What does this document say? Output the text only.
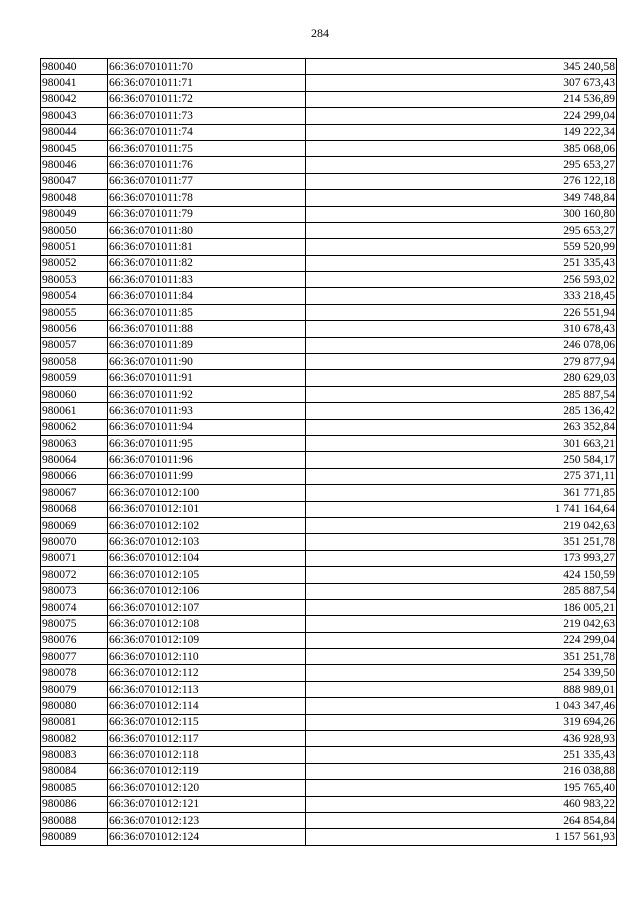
284
980040	66:36:0701011:70	345 240,58
980041	66:36:0701011:71	307 673,43
980042	66:36:0701011:72	214 536,89
980043	66:36:0701011:73	224 299,04
980044	66:36:0701011:74	149 222,34
980045	66:36:0701011:75	385 068,06
980046	66:36:0701011:76	295 653,27
980047	66:36:0701011:77	276 122,18
980048	66:36:0701011:78	349 748,84
980049	66:36:0701011:79	300 160,80
980050	66:36:0701011:80	295 653,27
980051	66:36:0701011:81	559 520,99
980052	66:36:0701011:82	251 335,43
980053	66:36:0701011:83	256 593,02
980054	66:36:0701011:84	333 218,45
980055	66:36:0701011:85	226 551,94
980056	66:36:0701011:88	310 678,43
980057	66:36:0701011:89	246 078,06
980058	66:36:0701011:90	279 877,94
980059	66:36:0701011:91	280 629,03
980060	66:36:0701011:92	285 887,54
980061	66:36:0701011:93	285 136,42
980062	66:36:0701011:94	263 352,84
980063	66:36:0701011:95	301 663,21
980064	66:36:0701011:96	250 584,17
980066	66:36:0701011:99	275 371,11
980067	66:36:0701012:100	361 771,85
980068	66:36:0701012:101	1 741 164,64
980069	66:36:0701012:102	219 042,63
980070	66:36:0701012:103	351 251,78
980071	66:36:0701012:104	173 993,27
980072	66:36:0701012:105	424 150,59
980073	66:36:0701012:106	285 887,54
980074	66:36:0701012:107	186 005,21
980075	66:36:0701012:108	219 042,63
980076	66:36:0701012:109	224 299,04
980077	66:36:0701012:110	351 251,78
980078	66:36:0701012:112	254 339,50
980079	66:36:0701012:113	888 989,01
980080	66:36:0701012:114	1 043 347,46
980081	66:36:0701012:115	319 694,26
980082	66:36:0701012:117	436 928,93
980083	66:36:0701012:118	251 335,43
980084	66:36:0701012:119	216 038,88
980085	66:36:0701012:120	195 765,40
980086	66:36:0701012:121	460 983,22
980088	66:36:0701012:123	264 854,84
980089	66:36:0701012:124	1 157 561,93
